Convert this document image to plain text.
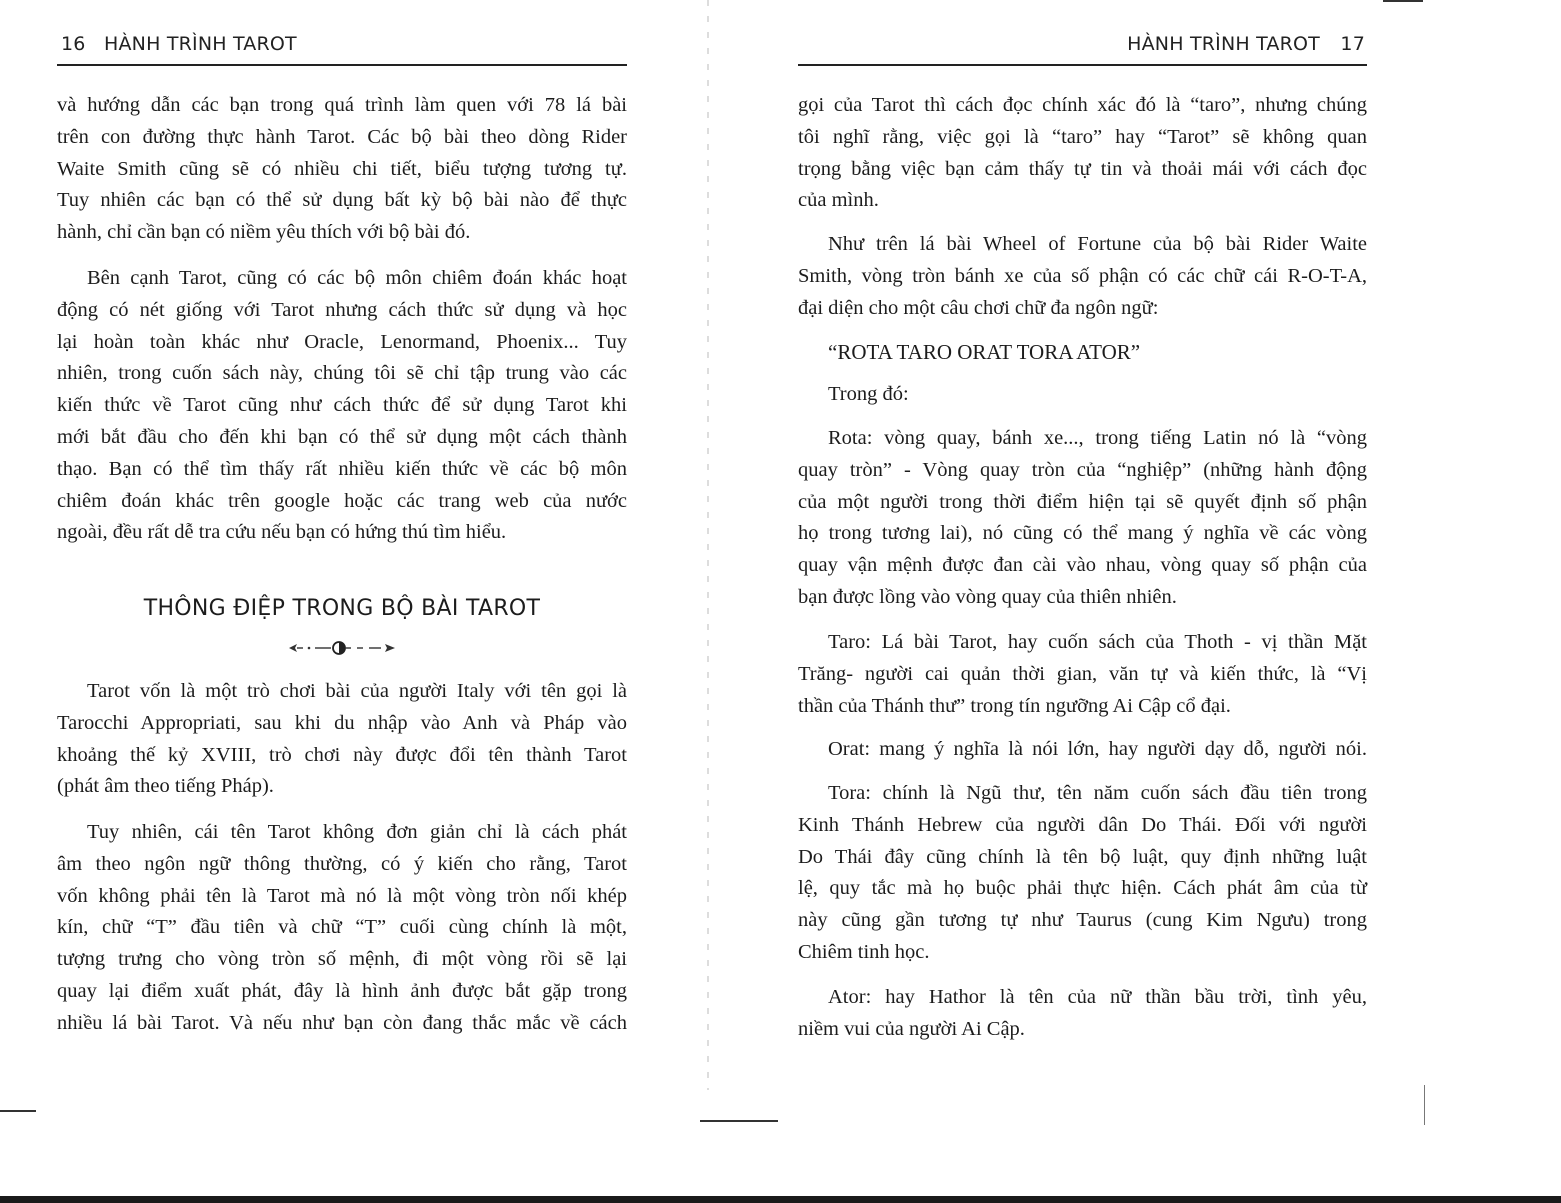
16 HÀNH TRÌNH TAROT
và hướng dẫn các bạn trong quá trình làm quen với 78 lá bài
trên con đường thực hành Tarot. Các bộ bài theo dòng Rider
Waite Smith cũng sẽ có nhiều chi tiết, biểu tượng tương tự.
Tuy nhiên các bạn có thể sử dụng bất kỳ bộ bài nào để thực
hành, chỉ cần bạn có niềm yêu thích với bộ bài đó.
Bên cạnh Tarot, cũng có các bộ môn chiêm đoán khác hoạt
động có nét giống với Tarot nhưng cách thức sử dụng và học
lại hoàn toàn khác như Oracle, Lenormand, Phoenix... Tuy
nhiên, trong cuốn sách này, chúng tôi sẽ chỉ tập trung vào các
kiến thức về Tarot cũng như cách thức để sử dụng Tarot khi
mới bắt đầu cho đến khi bạn có thể sử dụng một cách thành
thạo. Bạn có thể tìm thấy rất nhiều kiến thức về các bộ môn
chiêm đoán khác trên google hoặc các trang web của nước
ngoài, đều rất dễ tra cứu nếu bạn có hứng thú tìm hiểu.
THÔNG ĐIỆP TRONG BỘ BÀI TAROT
Tarot vốn là một trò chơi bài của người Italy với tên gọi là
Tarocchi Appropriati, sau khi du nhập vào Anh và Pháp vào
khoảng thế kỷ XVIII, trò chơi này được đổi tên thành Tarot
(phát âm theo tiếng Pháp).
Tuy nhiên, cái tên Tarot không đơn giản chỉ là cách phát
âm theo ngôn ngữ thông thường, có ý kiến cho rằng, Tarot
vốn không phải tên là Tarot mà nó là một vòng tròn nối khép
kín, chữ “T” đầu tiên và chữ “T” cuối cùng chính là một,
tượng trưng cho vòng tròn số mệnh, đi một vòng rồi sẽ lại
quay lại điểm xuất phát, đây là hình ảnh được bắt gặp trong
nhiều lá bài Tarot. Và nếu như bạn còn đang thắc mắc về cách
HÀNH TRÌNH TAROT 17
gọi của Tarot thì cách đọc chính xác đó là “taro”, nhưng chúng
tôi nghĩ rằng, việc gọi là “taro” hay “Tarot” sẽ không quan
trọng bằng việc bạn cảm thấy tự tin và thoải mái với cách đọc
của mình.
Như trên lá bài Wheel of Fortune của bộ bài Rider Waite
Smith, vòng tròn bánh xe của số phận có các chữ cái R-O-T-A,
đại diện cho một câu chơi chữ đa ngôn ngữ:
“ROTA TARO ORAT TORA ATOR”
Trong đó:
Rota: vòng quay, bánh xe..., trong tiếng Latin nó là “vòng
quay tròn” - Vòng quay tròn của “nghiệp” (những hành động
của một người trong thời điểm hiện tại sẽ quyết định số phận
họ trong tương lai), nó cũng có thể mang ý nghĩa về các vòng
quay vận mệnh được đan cài vào nhau, vòng quay số phận của
bạn được lồng vào vòng quay của thiên nhiên.
Taro: Lá bài Tarot, hay cuốn sách của Thoth - vị thần Mặt
Trăng- người cai quản thời gian, văn tự và kiến thức, là “Vị
thần của Thánh thư” trong tín ngưỡng Ai Cập cổ đại.
Orat: mang ý nghĩa là nói lớn, hay người dạy dỗ, người nói.
Tora: chính là Ngũ thư, tên năm cuốn sách đầu tiên trong
Kinh Thánh Hebrew của người dân Do Thái. Đối với người
Do Thái đây cũng chính là tên bộ luật, quy định những luật
lệ, quy tắc mà họ buộc phải thực hiện. Cách phát âm của từ
này cũng gần tương tự như Taurus (cung Kim Ngưu) trong
Chiêm tinh học.
Ator: hay Hathor là tên của nữ thần bầu trời, tình yêu,
niềm vui của người Ai Cập.
